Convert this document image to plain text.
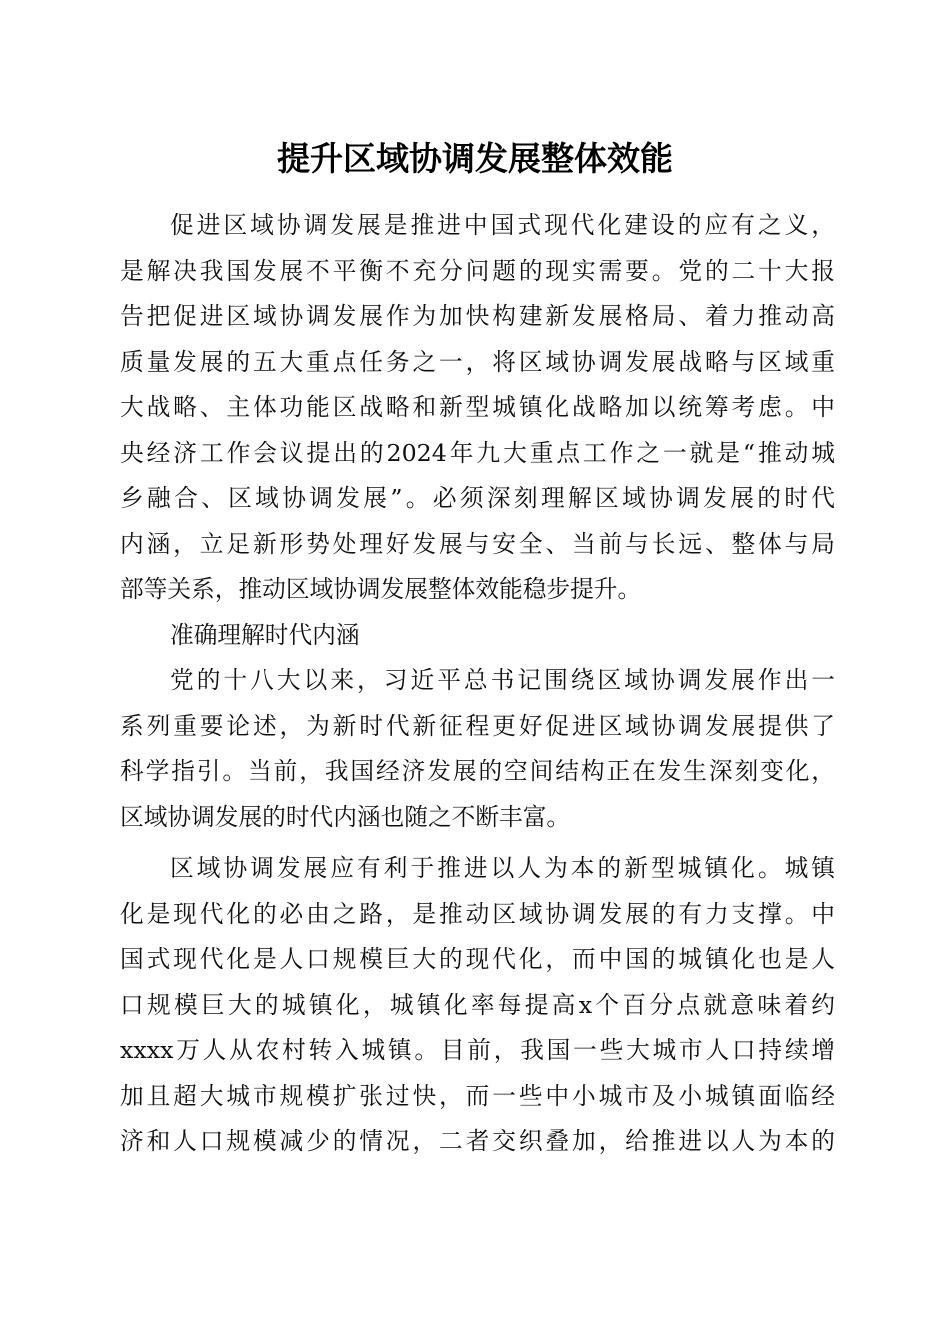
提升区域协调发展整体效能
促进区域协调发展是推进中国式现代化建设的应有之义，
是解决我国发展不平衡不充分问题的现实需要。党的二十大报
告把促进区域协调发展作为加快构建新发展格局、着力推动高
质量发展的五大重点任务之一，将区域协调发展战略与区域重
大战略、主体功能区战略和新型城镇化战略加以统筹考虑。中
央经济工作会议提出的2024年九大重点工作之一就是“推动城
乡融合、区域协调发展”。必须深刻理解区域协调发展的时代
内涵，立足新形势处理好发展与安全、当前与长远、整体与局
部等关系，推动区域协调发展整体效能稳步提升。
准确理解时代内涵
党的十八大以来，习近平总书记围绕区域协调发展作出一
系列重要论述，为新时代新征程更好促进区域协调发展提供了
科学指引。当前，我国经济发展的空间结构正在发生深刻变化，
区域协调发展的时代内涵也随之不断丰富。
区域协调发展应有利于推进以人为本的新型城镇化。城镇
化是现代化的必由之路，是推动区域协调发展的有力支撑。中
国式现代化是人口规模巨大的现代化，而中国的城镇化也是人
口规模巨大的城镇化，城镇化率每提高x个百分点就意味着约
xxxx万人从农村转入城镇。目前，我国一些大城市人口持续增
加且超大城市规模扩张过快，而一些中小城市及小城镇面临经
济和人口规模减少的情况，二者交织叠加，给推进以人为本的
